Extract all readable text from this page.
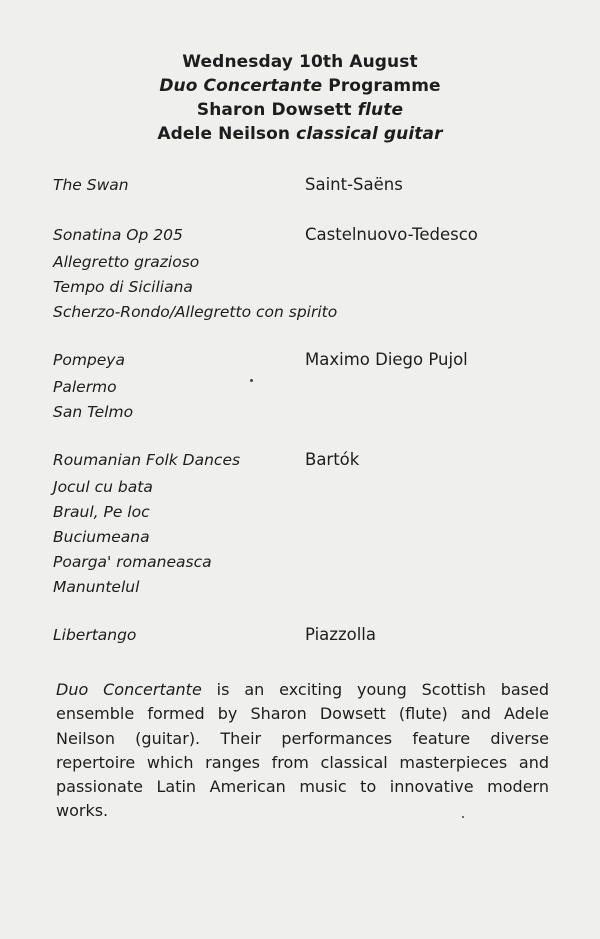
Wednesday 10th August
Duo Concertante Programme
Sharon Dowsett flute
Adele Neilson classical guitar
The Swan	Saint-Saëns
Sonatina Op 205	Castelnuovo-Tedesco
Allegretto grazioso
Tempo di Siciliana
Scherzo-Rondo/Allegretto con spirito
Pompeya	Maximo Diego Pujol
Palermo
San Telmo
Roumanian Folk Dances	Bartók
Jocul cu bata
Braul, Pe loc
Buciumeana
Poarga' romaneasca
Manuntelul
Libertango	Piazzolla
Duo Concertante is an exciting young Scottish based ensemble formed by Sharon Dowsett (flute) and Adele Neilson (guitar). Their performances feature diverse repertoire which ranges from classical masterpieces and passionate Latin American music to innovative modern works.
